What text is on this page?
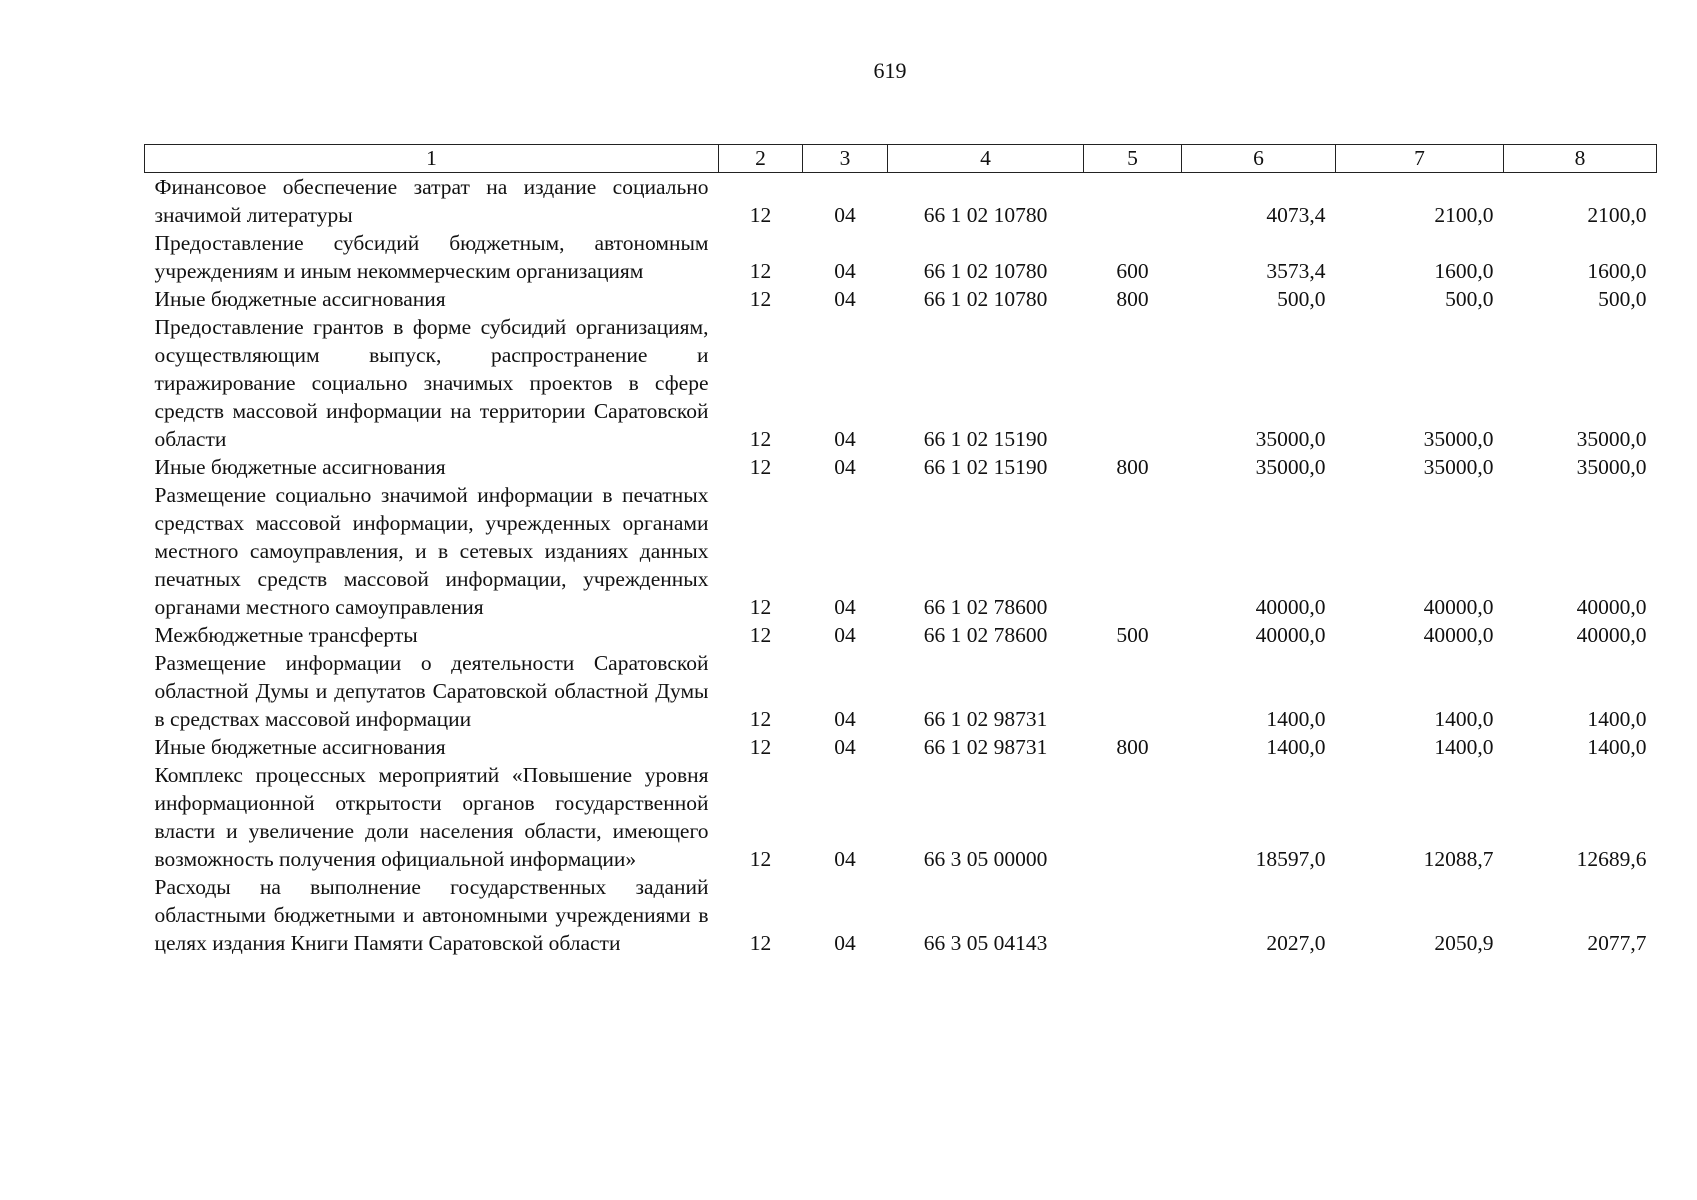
619
1	2	3	4	5	6	7	8
Финансовое обеспечение затрат на издание социально значимой литературы	12	04	66 1 02 10780		4073,4	2100,0	2100,0
Предоставление субсидий бюджетным, автономным учреждениям и иным некоммерческим организациям	12	04	66 1 02 10780	600	3573,4	1600,0	1600,0
Иные бюджетные ассигнования	12	04	66 1 02 10780	800	500,0	500,0	500,0
Предоставление грантов в форме субсидий организациям, осуществляющим выпуск, распространение и тиражирование социально значимых проектов в сфере средств массовой информации на территории Саратовской области	12	04	66 1 02 15190		35000,0	35000,0	35000,0
Иные бюджетные ассигнования	12	04	66 1 02 15190	800	35000,0	35000,0	35000,0
Размещение социально значимой информации в печатных средствах массовой информации, учрежденных органами местного самоуправления, и в сетевых изданиях данных печатных средств массовой информации, учрежденных органами местного самоуправления	12	04	66 1 02 78600		40000,0	40000,0	40000,0
Межбюджетные трансферты	12	04	66 1 02 78600	500	40000,0	40000,0	40000,0
Размещение информации о деятельности Саратовской областной Думы и депутатов Саратовской областной Думы в средствах массовой информации	12	04	66 1 02 98731		1400,0	1400,0	1400,0
Иные бюджетные ассигнования	12	04	66 1 02 98731	800	1400,0	1400,0	1400,0
Комплекс процессных мероприятий «Повышение уровня информационной открытости органов государственной власти и увеличение доли населения области, имеющего возможность получения официальной информации»	12	04	66 3 05 00000		18597,0	12088,7	12689,6
Расходы на выполнение государственных заданий областными бюджетными и автономными учреждениями в целях издания Книги Памяти Саратовской области	12	04	66 3 05 04143		2027,0	2050,9	2077,7
